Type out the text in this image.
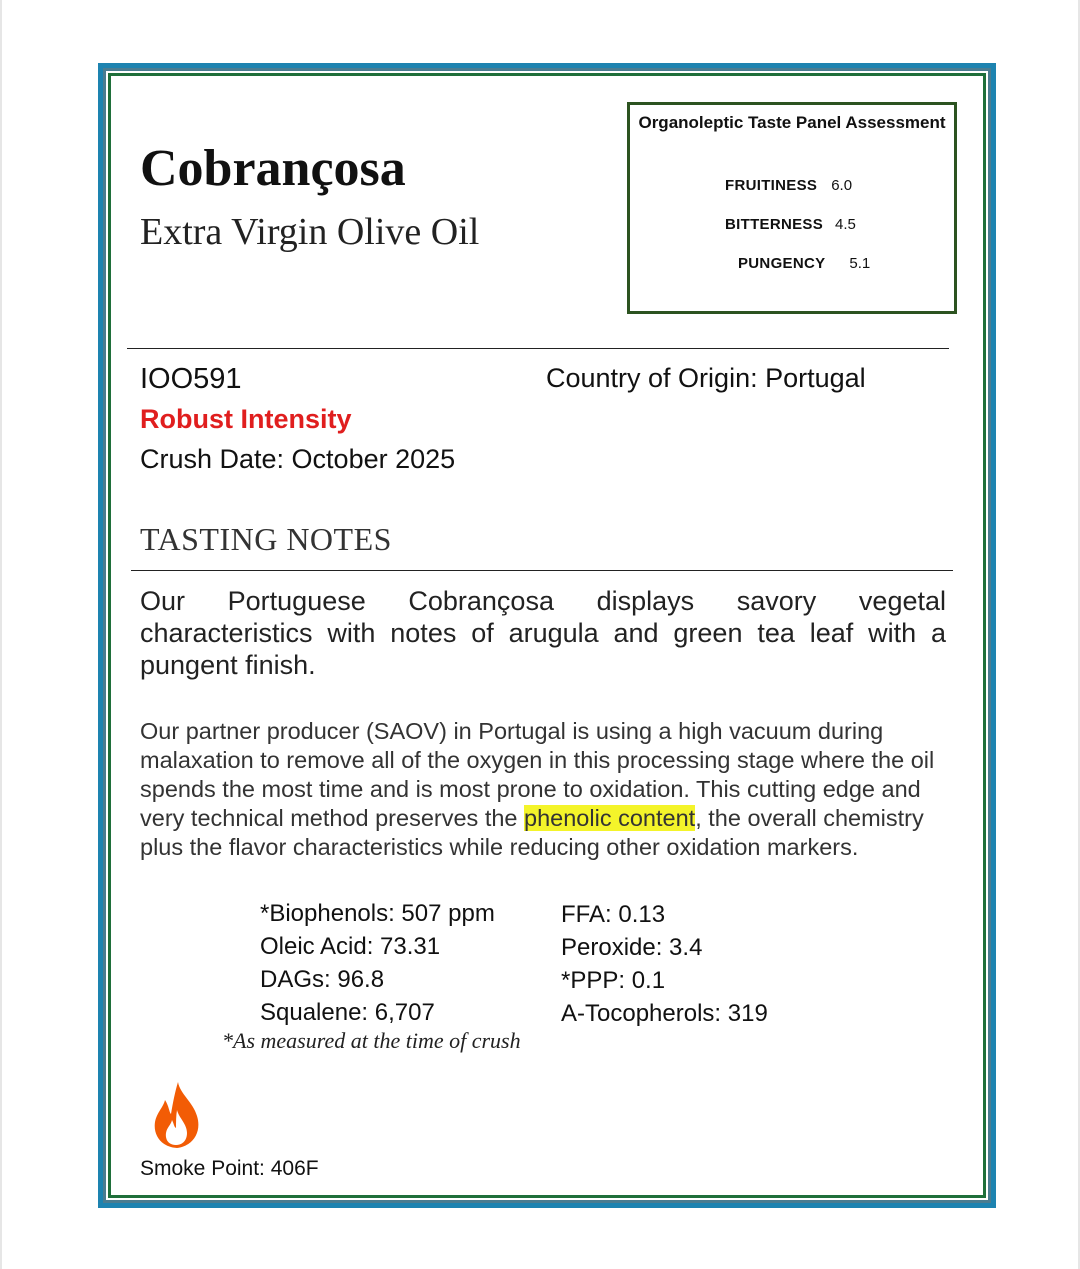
Cobrançosa
Extra Virgin Olive Oil
Organoleptic Taste Panel Assessment
FRUITINESS 6.0
BITTERNESS 4.5
PUNGENCY 5.1
IOO591	Country of Origin: Portugal
Robust Intensity
Crush Date: October 2025
TASTING NOTES

Our Portuguese Cobrançosa displays savory vegetal characteristics with notes of arugula and green tea leaf with a pungent finish.

Our partner producer (SAOV) in Portugal is using a high vacuum during malaxation to remove all of the oxygen in this processing stage where the oil spends the most time and is most prone to oxidation. This cutting edge and very technical method preserves the phenolic content, the overall chemistry plus the flavor characteristics while reducing other oxidation markers.

*Biophenols: 507 ppm
Oleic Acid: 73.31
DAGs: 96.8
Squalene: 6,707
FFA: 0.13
Peroxide: 3.4
*PPP: 0.1
A-Tocopherols: 319
*As measured at the time of crush
Smoke Point: 406F
